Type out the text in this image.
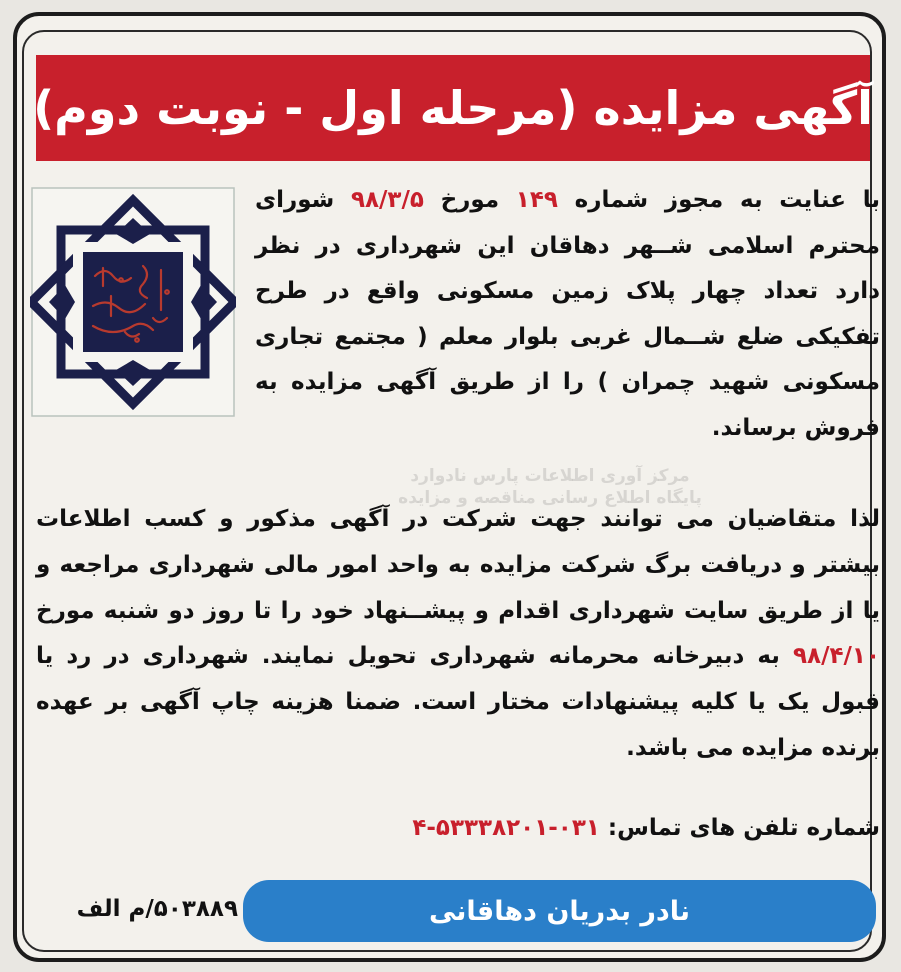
آگهی مزایده (مرحله اول - نوبت دوم)
با عنایت به مجوز شماره ۱۴۹ مورخ ۹۸/۳/۵ شورای محترم اسلامی شــهر دهاقان این شهرداری در نظر دارد تعداد چهار پلاک زمین مسکونی واقع در طرح تفکیکی ضلع شــمال غربی بلوار معلم ( مجتمع تجاری مسکونی شهید چمران ) را از طریق آگهی مزایده به فروش برساند.
لذا متقاضیان می توانند جهت شرکت در آگهی مذکور و کسب اطلاعات بیشتر و دریافت برگ شرکت مزایده به واحد امور مالی شهرداری مراجعه و یا از طریق سایت شهرداری اقدام و پیشــنهاد خود را تا روز دو شنبه مورخ ۹۸/۴/۱۰ به دبیرخانه محرمانه شهرداری تحویل نمایند. شهرداری در رد یا قبول یک یا کلیه پیشنهادات مختار است. ضمنا هزینه چاپ آگهی بر عهده برنده مزایده می باشد.
شماره تلفن های تماس: ۰۳۱-۵۳۳۳۸۲۰۱-۴
نادر بدریان دهاقانی
۵۰۳۸۸۹/م الف
